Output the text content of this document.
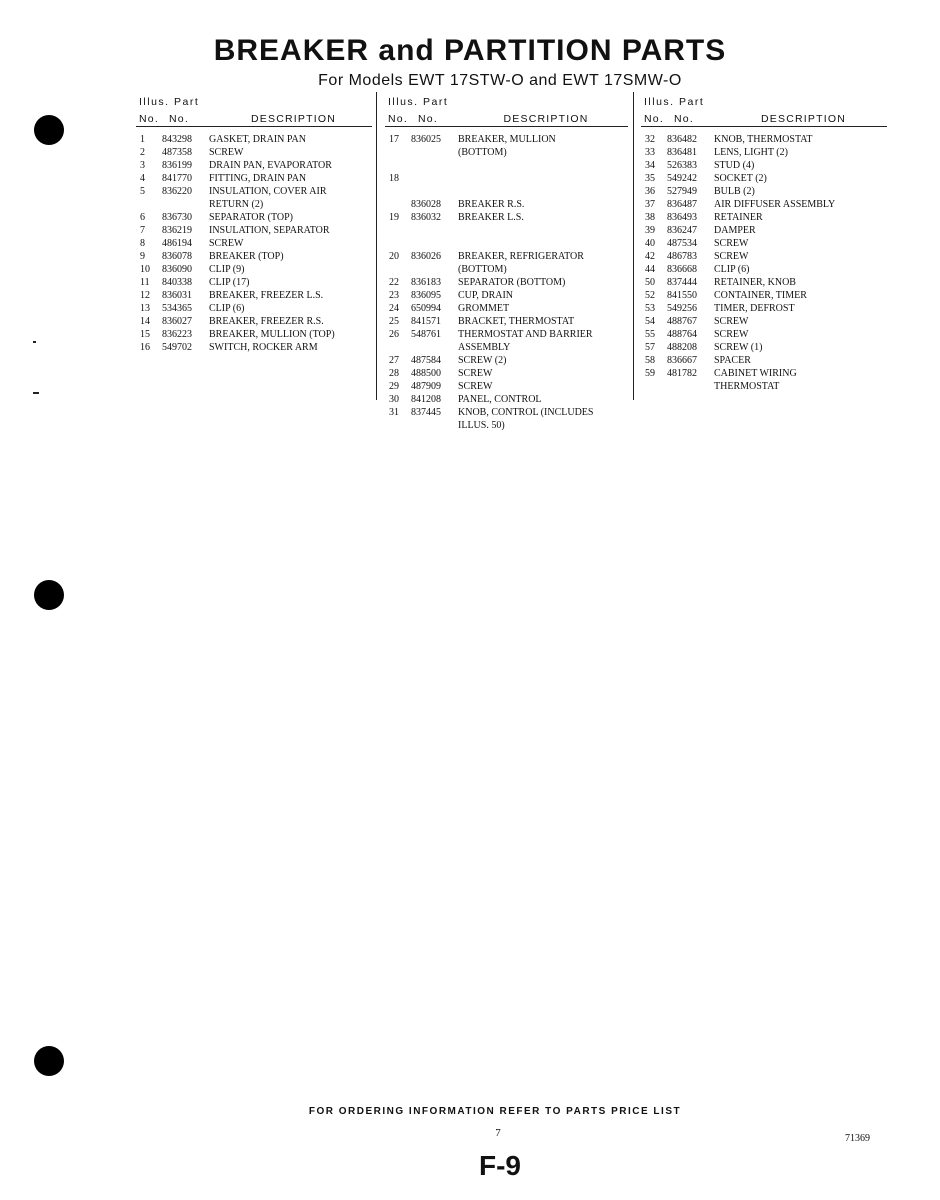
BREAKER and PARTITION PARTS
For Models EWT 17STW-O and EWT 17SMW-O
Illus. Part
No. No.	DESCRIPTION
1	843298	GASKET, DRAIN PAN
2	487358	SCREW
3	836199	DRAIN PAN, EVAPORATOR
4	841770	FITTING, DRAIN PAN
5	836220	INSULATION, COVER AIR
RETURN (2)
6	836730	SEPARATOR (TOP)
7	836219	INSULATION, SEPARATOR
8	486194	SCREW
9	836078	BREAKER (TOP)
10	836090	CLIP (9)
11	840338	CLIP (17)
12	836031	BREAKER, FREEZER L.S.
13	534365	CLIP (6)
14	836027	BREAKER, FREEZER R.S.
15	836223	BREAKER, MULLION (TOP)
16	549702	SWITCH, ROCKER ARM
Illus. Part
No. No.	DESCRIPTION
17	836025	BREAKER, MULLION
(BOTTOM)
18
836028	BREAKER R.S.
19	836032	BREAKER L.S.
20	836026	BREAKER, REFRIGERATOR
(BOTTOM)
22	836183	SEPARATOR (BOTTOM)
23	836095	CUP, DRAIN
24	650994	GROMMET
25	841571	BRACKET, THERMOSTAT
26	548761	THERMOSTAT AND BARRIER
ASSEMBLY
27	487584	SCREW (2)
28	488500	SCREW
29	487909	SCREW
30	841208	PANEL, CONTROL
31	837445	KNOB, CONTROL (INCLUDES
ILLUS. 50)
Illus. Part
No. No.	DESCRIPTION
32	836482	KNOB, THERMOSTAT
33	836481	LENS, LIGHT (2)
34	526383	STUD (4)
35	549242	SOCKET (2)
36	527949	BULB (2)
37	836487	AIR DIFFUSER ASSEMBLY
38	836493	RETAINER
39	836247	DAMPER
40	487534	SCREW
42	486783	SCREW
44	836668	CLIP (6)
50	837444	RETAINER, KNOB
52	841550	CONTAINER, TIMER
53	549256	TIMER, DEFROST
54	488767	SCREW
55	488764	SCREW
57	488208	SCREW (1)
58	836667	SPACER
59	481782	CABINET WIRING
THERMOSTAT
FOR ORDERING INFORMATION REFER TO PARTS PRICE LIST
7	71369
F-9
